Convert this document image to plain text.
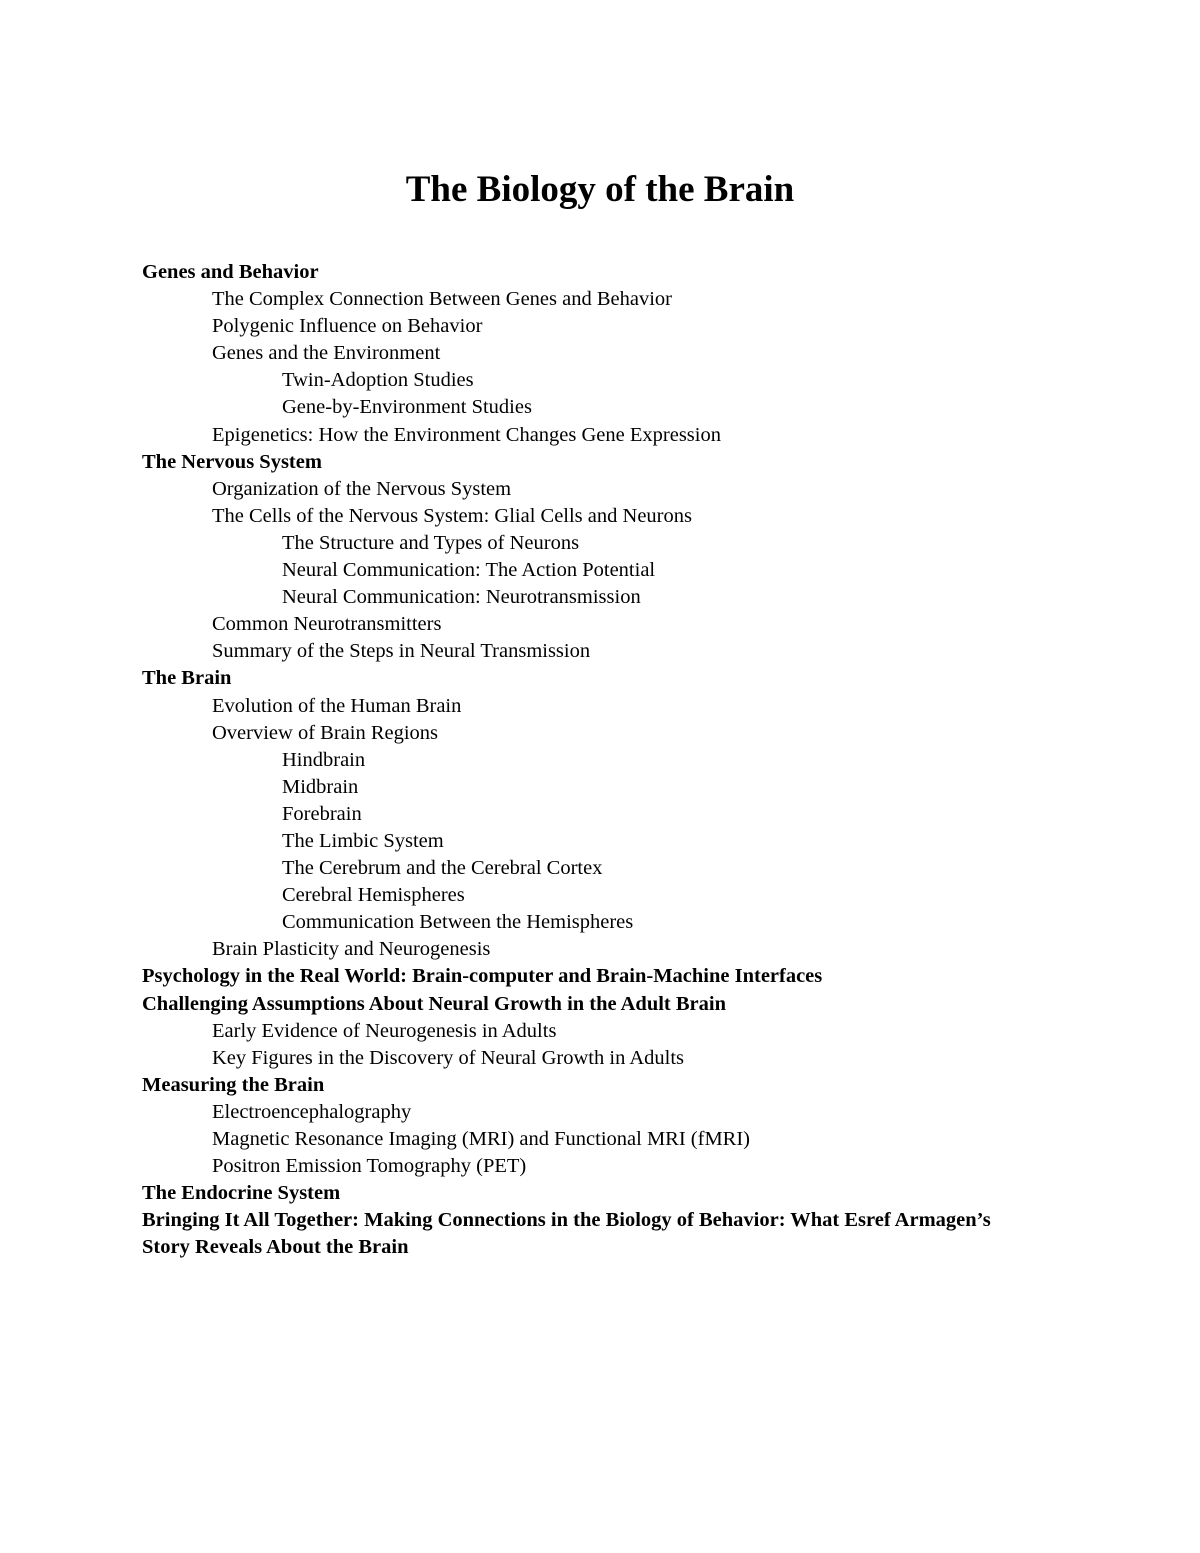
The Biology of the Brain
Genes and Behavior
The Complex Connection Between Genes and Behavior
Polygenic Influence on Behavior
Genes and the Environment
Twin-Adoption Studies
Gene-by-Environment Studies
Epigenetics: How the Environment Changes Gene Expression
The Nervous System
Organization of the Nervous System
The Cells of the Nervous System: Glial Cells and Neurons
The Structure and Types of Neurons
Neural Communication: The Action Potential
Neural Communication: Neurotransmission
Common Neurotransmitters
Summary of the Steps in Neural Transmission
The Brain
Evolution of the Human Brain
Overview of Brain Regions
Hindbrain
Midbrain
Forebrain
The Limbic System
The Cerebrum and the Cerebral Cortex
Cerebral Hemispheres
Communication Between the Hemispheres
Brain Plasticity and Neurogenesis
Psychology in the Real World: Brain-computer and Brain-Machine Interfaces
Challenging Assumptions About Neural Growth in the Adult Brain
Early Evidence of Neurogenesis in Adults
Key Figures in the Discovery of Neural Growth in Adults
Measuring the Brain
Electroencephalography
Magnetic Resonance Imaging (MRI) and Functional MRI (fMRI)
Positron Emission Tomography (PET)
The Endocrine System
Bringing It All Together: Making Connections in the Biology of Behavior: What Esref Armagen’s Story Reveals About the Brain
